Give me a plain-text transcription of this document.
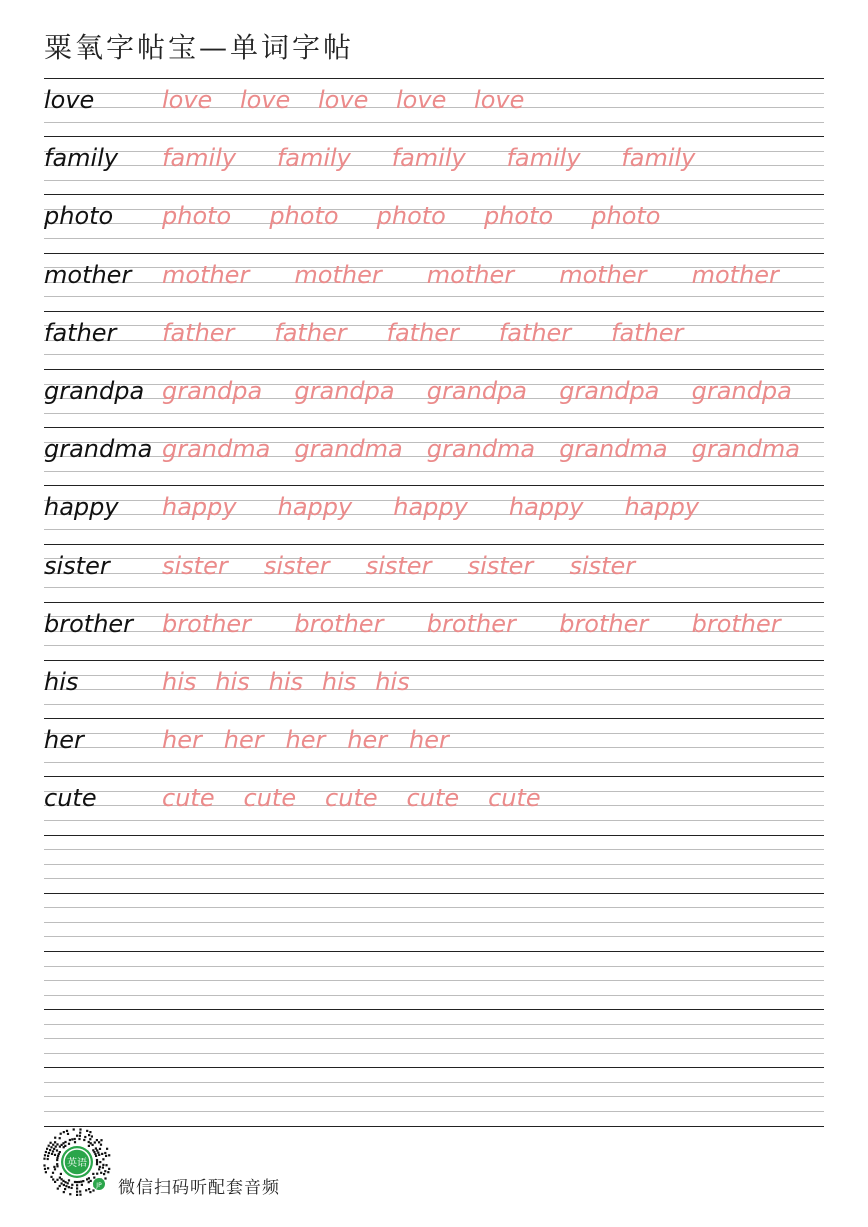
粟氧字帖宝—单词字帖
love	love love love love love
family family family family family family
photo photo photo photo photo photo
mother mother mother mother mother mother
father father father father father father
grandpa grandpa grandpa grandpa grandpa grandpa
grandma grandma grandma grandma grandma grandma
happy happy happy happy happy happy
sister sister sister sister sister sister
brother brother brother brother brother brother
his	his his his his his
her	her her her her her
cute	cute cute cute cute cute
英语
JP 微信扫码听配套音频
